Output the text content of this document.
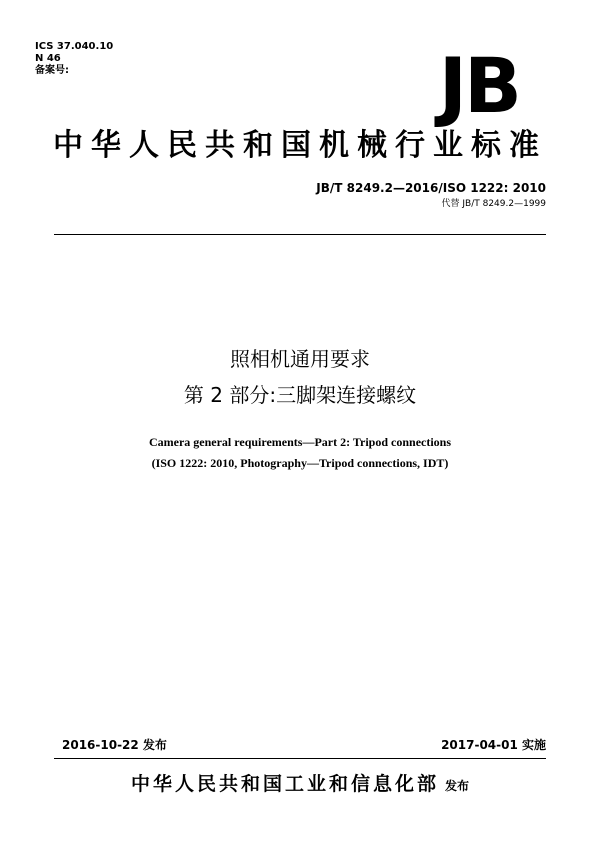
ICS 37.040.10
N 46
备案号:	JB
中华人民共和国机械行业标准
JB/T 8249.2—2016/ISO 1222: 2010
代替 JB/T 8249.2—1999
照相机通用要求
第 2 部分:三脚架连接螺纹
Camera general requirements—Part 2: Tripod connections
(ISO 1222: 2010, Photography—Tripod connections, IDT)
2016-10-22 发布	2017-04-01 实施
中华人民共和国工业和信息化部 发布
